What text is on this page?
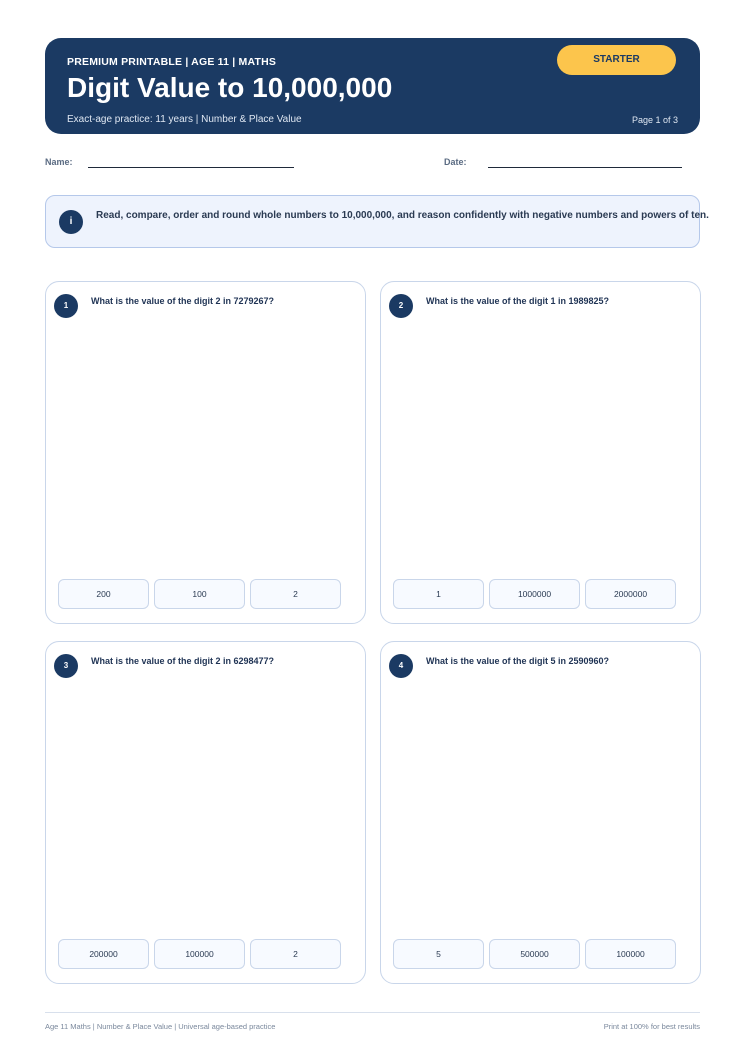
PREMIUM PRINTABLE | AGE 11 | MATHS
Digit Value to 10,000,000
Exact-age practice: 11 years | Number & Place Value	Page 1 of 3
STARTER
Name:	Date:
i
Read, compare, order and round whole numbers to 10,000,000, and reason confidently with negative numbers and powers of ten.
1	What is the value of the digit 2 in 7279267?
200	100	2
2	What is the value of the digit 1 in 1989825?
1	1000000	2000000
3	What is the value of the digit 2 in 6298477?
200000	100000	2
4	What is the value of the digit 5 in 2590960?
5	500000	100000
Age 11 Maths | Number & Place Value | Universal age-based practice	Print at 100% for best results
